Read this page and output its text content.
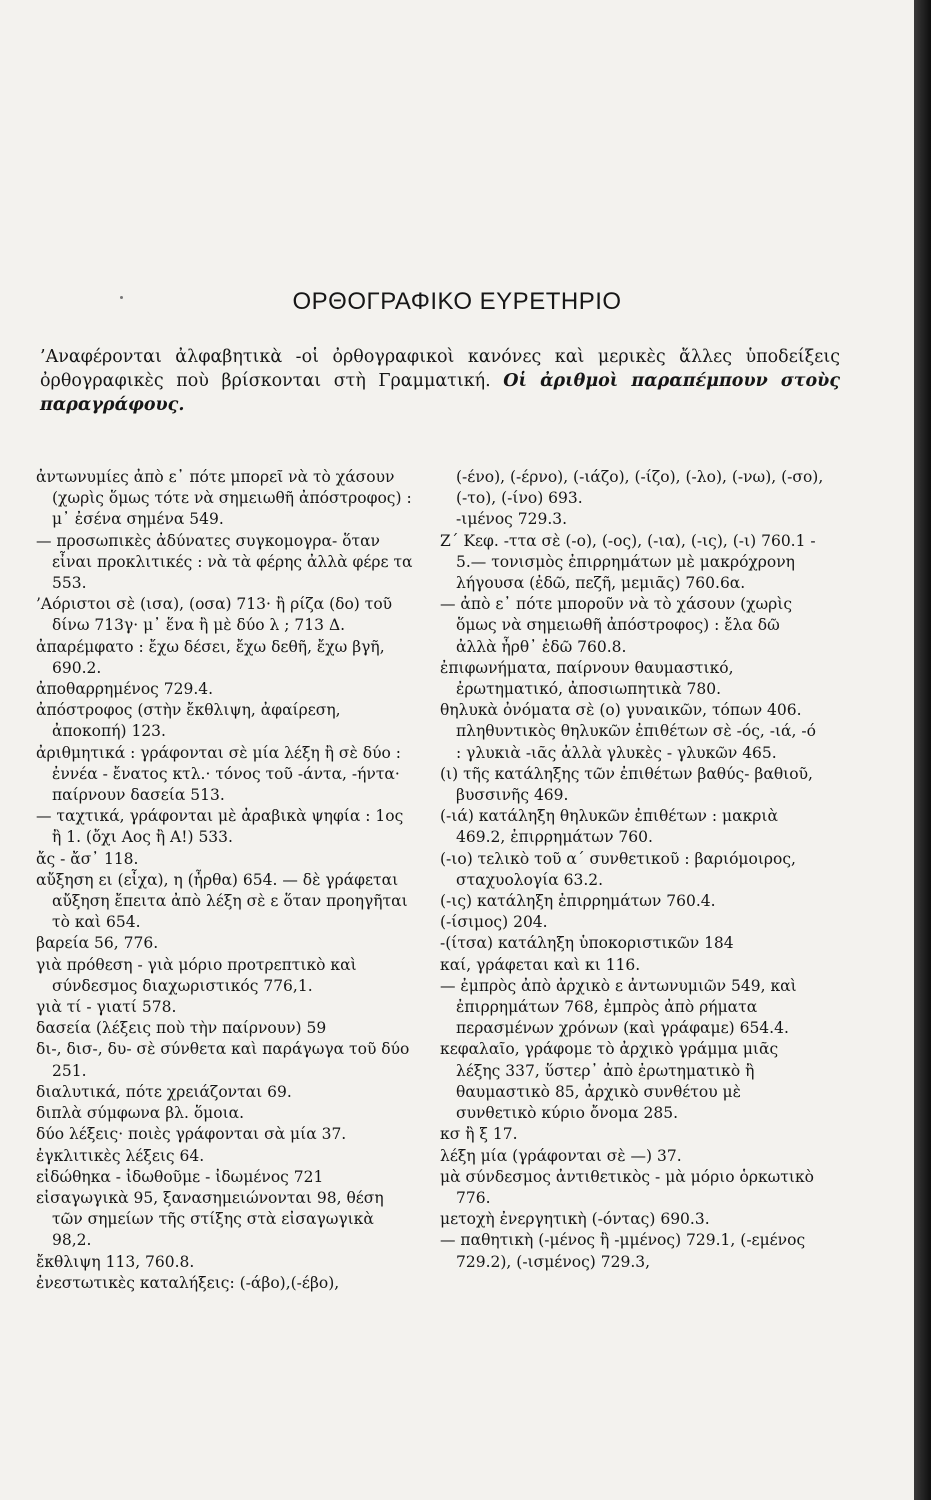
ΟΡΘΟΓΡΑΦΙΚΟ ΕΥΡΕΤΗΡΙΟ

’Αναφέρονται ἀλφαβητικὰ ‑οἱ ὀρθογραφικοὶ κανόνες καὶ μερικὲς ἄλλες ὑποδείξεις ὀρθογραφικὲς ποὺ βρίσκονται στὴ Γραμματική. Οἱ ἀριθμοὶ παραπέμπουν στοὺς παραγράφους.

ἀντωνυμίες ἀπὸ ε᾿ πότε μπορεῖ νὰ τὸ χάσουν (χωρὶς ὅμως τότε νὰ σημειωθῆ ἀπόστροφος) : μ᾿ ἐσένα σημένα 549.

— προσωπικὲς ἀδύνατες συγκομογρα‑ ὅταν εἶναι προκλιτικές : νὰ τὰ φέρης ἀλλὰ φέρε τα 553.

’Αόριστοι σὲ (ισα), (οσα) 713· ἢ ρίζα (δο) τοῦ δίνω 713γ· μ᾿ ἕνα ἢ μὲ δύο λ ; 713 Δ.

ἀπαρέμφατο : ἔχω δέσει, ἔχω δεθῆ, ἔχω βγῆ, 690.2.

ἀποθαρρημένος 729.4.

ἀπόστροφος (στὴν ἔκθλιψη, ἀφαίρεση, ἀποκοπή) 123.

ἀριθμητικά : γράφονται σὲ μία λέξη ἢ σὲ δύο : ἐννέα ‑ ἔνατος κτλ.· τόνος τοῦ ‑άντα, ‑ήντα· παίρνουν δασεία 513.

— ταχτικά, γράφονται μὲ ἀραβικὰ ψηφία : 1ος ἢ 1. (ὄχι Αος ἢ Α!) 533.

ἄς ‑ ἄσ᾿ 118.

αὔξηση ει (εἶχα), η (ἦρθα) 654. — δὲ γράφεται αὔξηση ἔπειτα ἀπὸ λέξη σὲ ε ὅταν προηγῆται τὸ καὶ 654.

βαρεία 56, 776.

γιὰ πρόθεση ‑ γιὰ μόριο προτρεπτικὸ καὶ σύνδεσμος διαχωριστικός 776,1.

γιὰ τί ‑ γιατί 578.

δασεία (λέξεις ποὺ τὴν παίρνουν) 59

δι‑, δισ‑, δυ‑ σὲ σύνθετα καὶ παράγωγα τοῦ δύο 251.

διαλυτικά, πότε χρειάζονται 69.

διπλὰ σύμφωνα βλ. ὅμοια.

δύο λέξεις· ποιὲς γράφονται σὰ μία 37.

ἐγκλιτικὲς λέξεις 64.

εἰδώθηκα ‑ ἰδωθοῦμε ‑ ἰδωμένος 721

εἰσαγωγικὰ 95, ξανασημειώνονται 98, θέση τῶν σημείων τῆς στίξης στὰ εἰσαγωγικὰ 98,2.

ἔκθλιψη 113, 760.8.

ἐνεστωτικὲς καταλήξεις: (‑άβο),(‑έβο),

(‑ένο), (‑έρνο), (‑ιάζο), (‑ίζο), (‑λο), (‑νω), (‑σο), (‑το), (‑ίνο) 693.

‑ιμένος 729.3.

Ζ΄ Κεφ. ‑ττα σὲ (‑ο), (‑ος), (‑ια), (‑ις), (‑ι) 760.1 ‑ 5.— τονισμὸς ἐπιρρημάτων μὲ μακρόχρονη λήγουσα (ἐδῶ, πεζῆ, μεμιᾶς) 760.6α.

— ἀπὸ ε᾿ πότε μποροῦν νὰ τὸ χάσουν (χωρὶς ὅμως νὰ σημειωθῆ ἀπόστροφος) : ἔλα δῶ ἀλλὰ ἦρθ᾿ ἐδῶ 760.8.

ἐπιφωνήματα, παίρνουν θαυμαστικό, ἐρωτηματικό, ἀποσιωπητικὰ 780.

θηλυκὰ ὀνόματα σὲ (ο) γυναικῶν, τόπων 406.

πληθυντικὸς θηλυκῶν ἐπιθέτων σὲ ‑ός, ‑ιά, ‑ό : γλυκιὰ ‑ιᾶς ἀλλὰ γλυκὲς ‑ γλυκῶν 465.

(ι) τῆς κατάληξης τῶν ἐπιθέτων βαθύς‑ βαθιοῦ, βυσσινῆς 469.

(‑ιά) κατάληξη θηλυκῶν ἐπιθέτων : μακριὰ 469.2, ἐπιρρημάτων 760.

(‑ιο) τελικὸ τοῦ α΄ συνθετικοῦ : βαριόμοιρος, σταχυολογία 63.2.

(‑ις) κατάληξη ἐπιρρημάτων 760.4.

(‑ίσιμος) 204.

‑(ίτσα) κατάληξη ὑποκοριστικῶν 184

καί, γράφεται καὶ κι 116.

— ἐμπρὸς ἀπὸ ἀρχικὸ ε ἀντωνυμιῶν 549, καὶ ἐπιρρημάτων 768, ἐμπρὸς ἀπὸ ρήματα περασμένων χρόνων (καὶ γράφαμε) 654.4.

κεφαλαῖο, γράφομε τὸ ἀρχικὸ γράμμα μιᾶς λέξης 337, ὕστερ᾿ ἀπὸ ἐρωτηματικὸ ἢ θαυμαστικὸ 85, ἀρχικὸ συνθέτου μὲ συνθετικὸ κύριο ὄνομα 285.

κσ ἢ ξ 17.

λέξη μία (γράφονται σὲ —) 37.

μὰ σύνδεσμος ἀντιθετικὸς ‑ μὰ μόριο ὁρκωτικὸ 776.

μετοχὴ ἐνεργητικὴ (‑όντας) 690.3.

— παθητικὴ (‑μένος ἢ ‑μμένος) 729.1, (‑εμένος 729.2), (‑ισμένος) 729.3,
